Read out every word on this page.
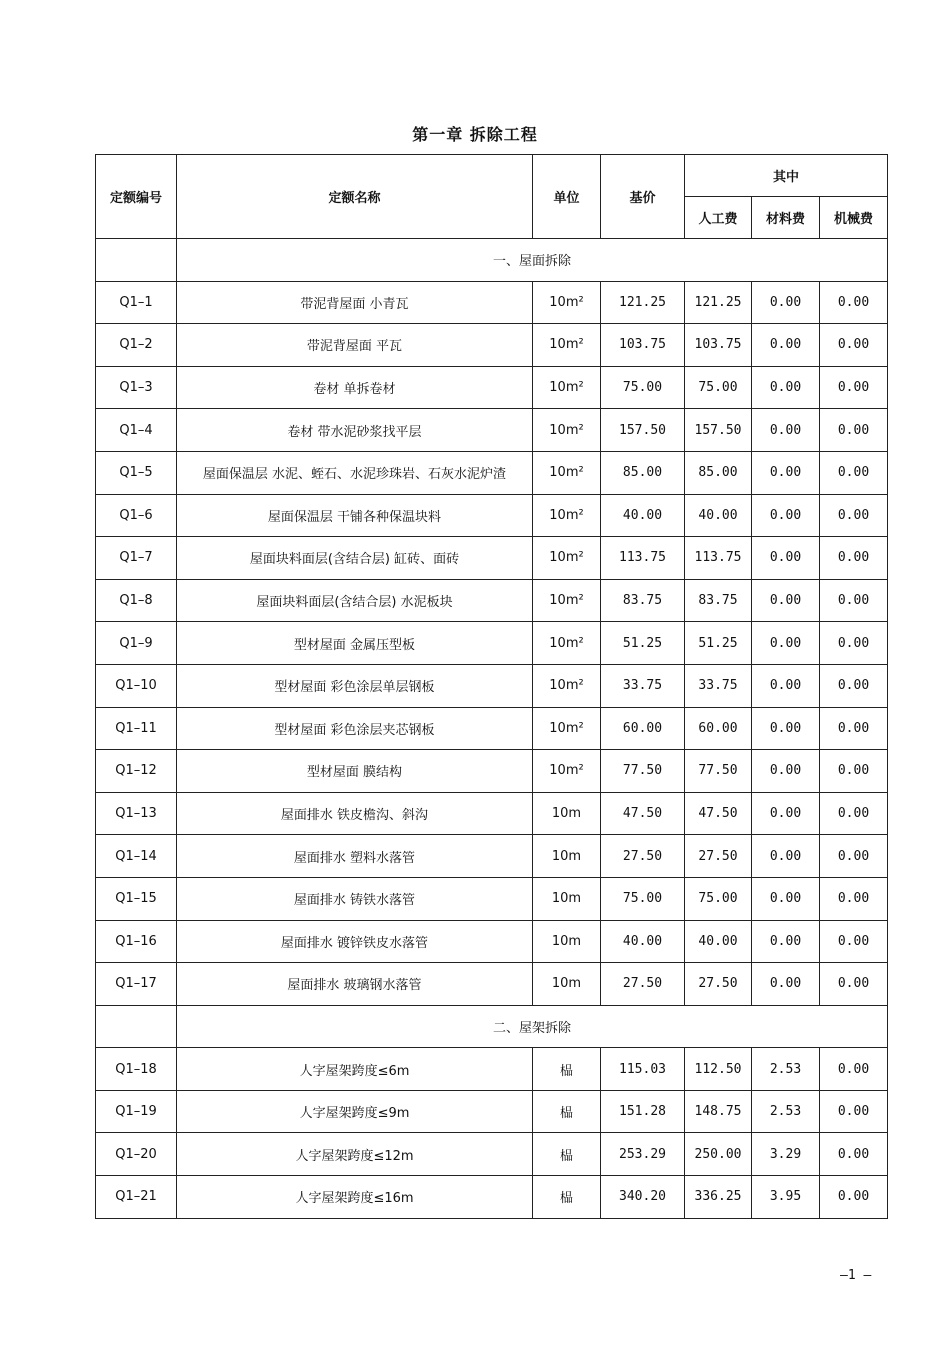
第一章 拆除工程
定额编号	定额名称	单位	基价	其中		
				人工费	材料费	机械费
	一、屋面拆除					
Q1–1	带泥背屋面 小青瓦	10m²	121.25	121.25	0.00	0.00
Q1–2	带泥背屋面 平瓦	10m²	103.75	103.75	0.00	0.00
Q1–3	卷材 单拆卷材	10m²	75.00	75.00	0.00	0.00
Q1–4	卷材 带水泥砂浆找平层	10m²	157.50	157.50	0.00	0.00
Q1–5	屋面保温层 水泥、蛭石、水泥珍珠岩、石灰水泥炉渣	10m²	85.00	85.00	0.00	0.00
Q1–6	屋面保温层 干铺各种保温块料	10m²	40.00	40.00	0.00	0.00
Q1–7	屋面块料面层(含结合层) 缸砖、面砖	10m²	113.75	113.75	0.00	0.00
Q1–8	屋面块料面层(含结合层) 水泥板块	10m²	83.75	83.75	0.00	0.00
Q1–9	型材屋面 金属压型板	10m²	51.25	51.25	0.00	0.00
Q1–10	型材屋面 彩色涂层单层钢板	10m²	33.75	33.75	0.00	0.00
Q1–11	型材屋面 彩色涂层夹芯钢板	10m²	60.00	60.00	0.00	0.00
Q1–12	型材屋面 膜结构	10m²	77.50	77.50	0.00	0.00
Q1–13	屋面排水 铁皮檐沟、斜沟	10m	47.50	47.50	0.00	0.00
Q1–14	屋面排水 塑料水落管	10m	27.50	27.50	0.00	0.00
Q1–15	屋面排水 铸铁水落管	10m	75.00	75.00	0.00	0.00
Q1–16	屋面排水 镀锌铁皮水落管	10m	40.00	40.00	0.00	0.00
Q1–17	屋面排水 玻璃钢水落管	10m	27.50	27.50	0.00	0.00
	二、屋架拆除					
Q1–18	人字屋架跨度≤6m	榀	115.03	112.50	2.53	0.00
Q1–19	人字屋架跨度≤9m	榀	151.28	148.75	2.53	0.00
Q1–20	人字屋架跨度≤12m	榀	253.29	250.00	3.29	0.00
Q1–21	人字屋架跨度≤16m	榀	340.20	336.25	3.95	0.00
–1 –
